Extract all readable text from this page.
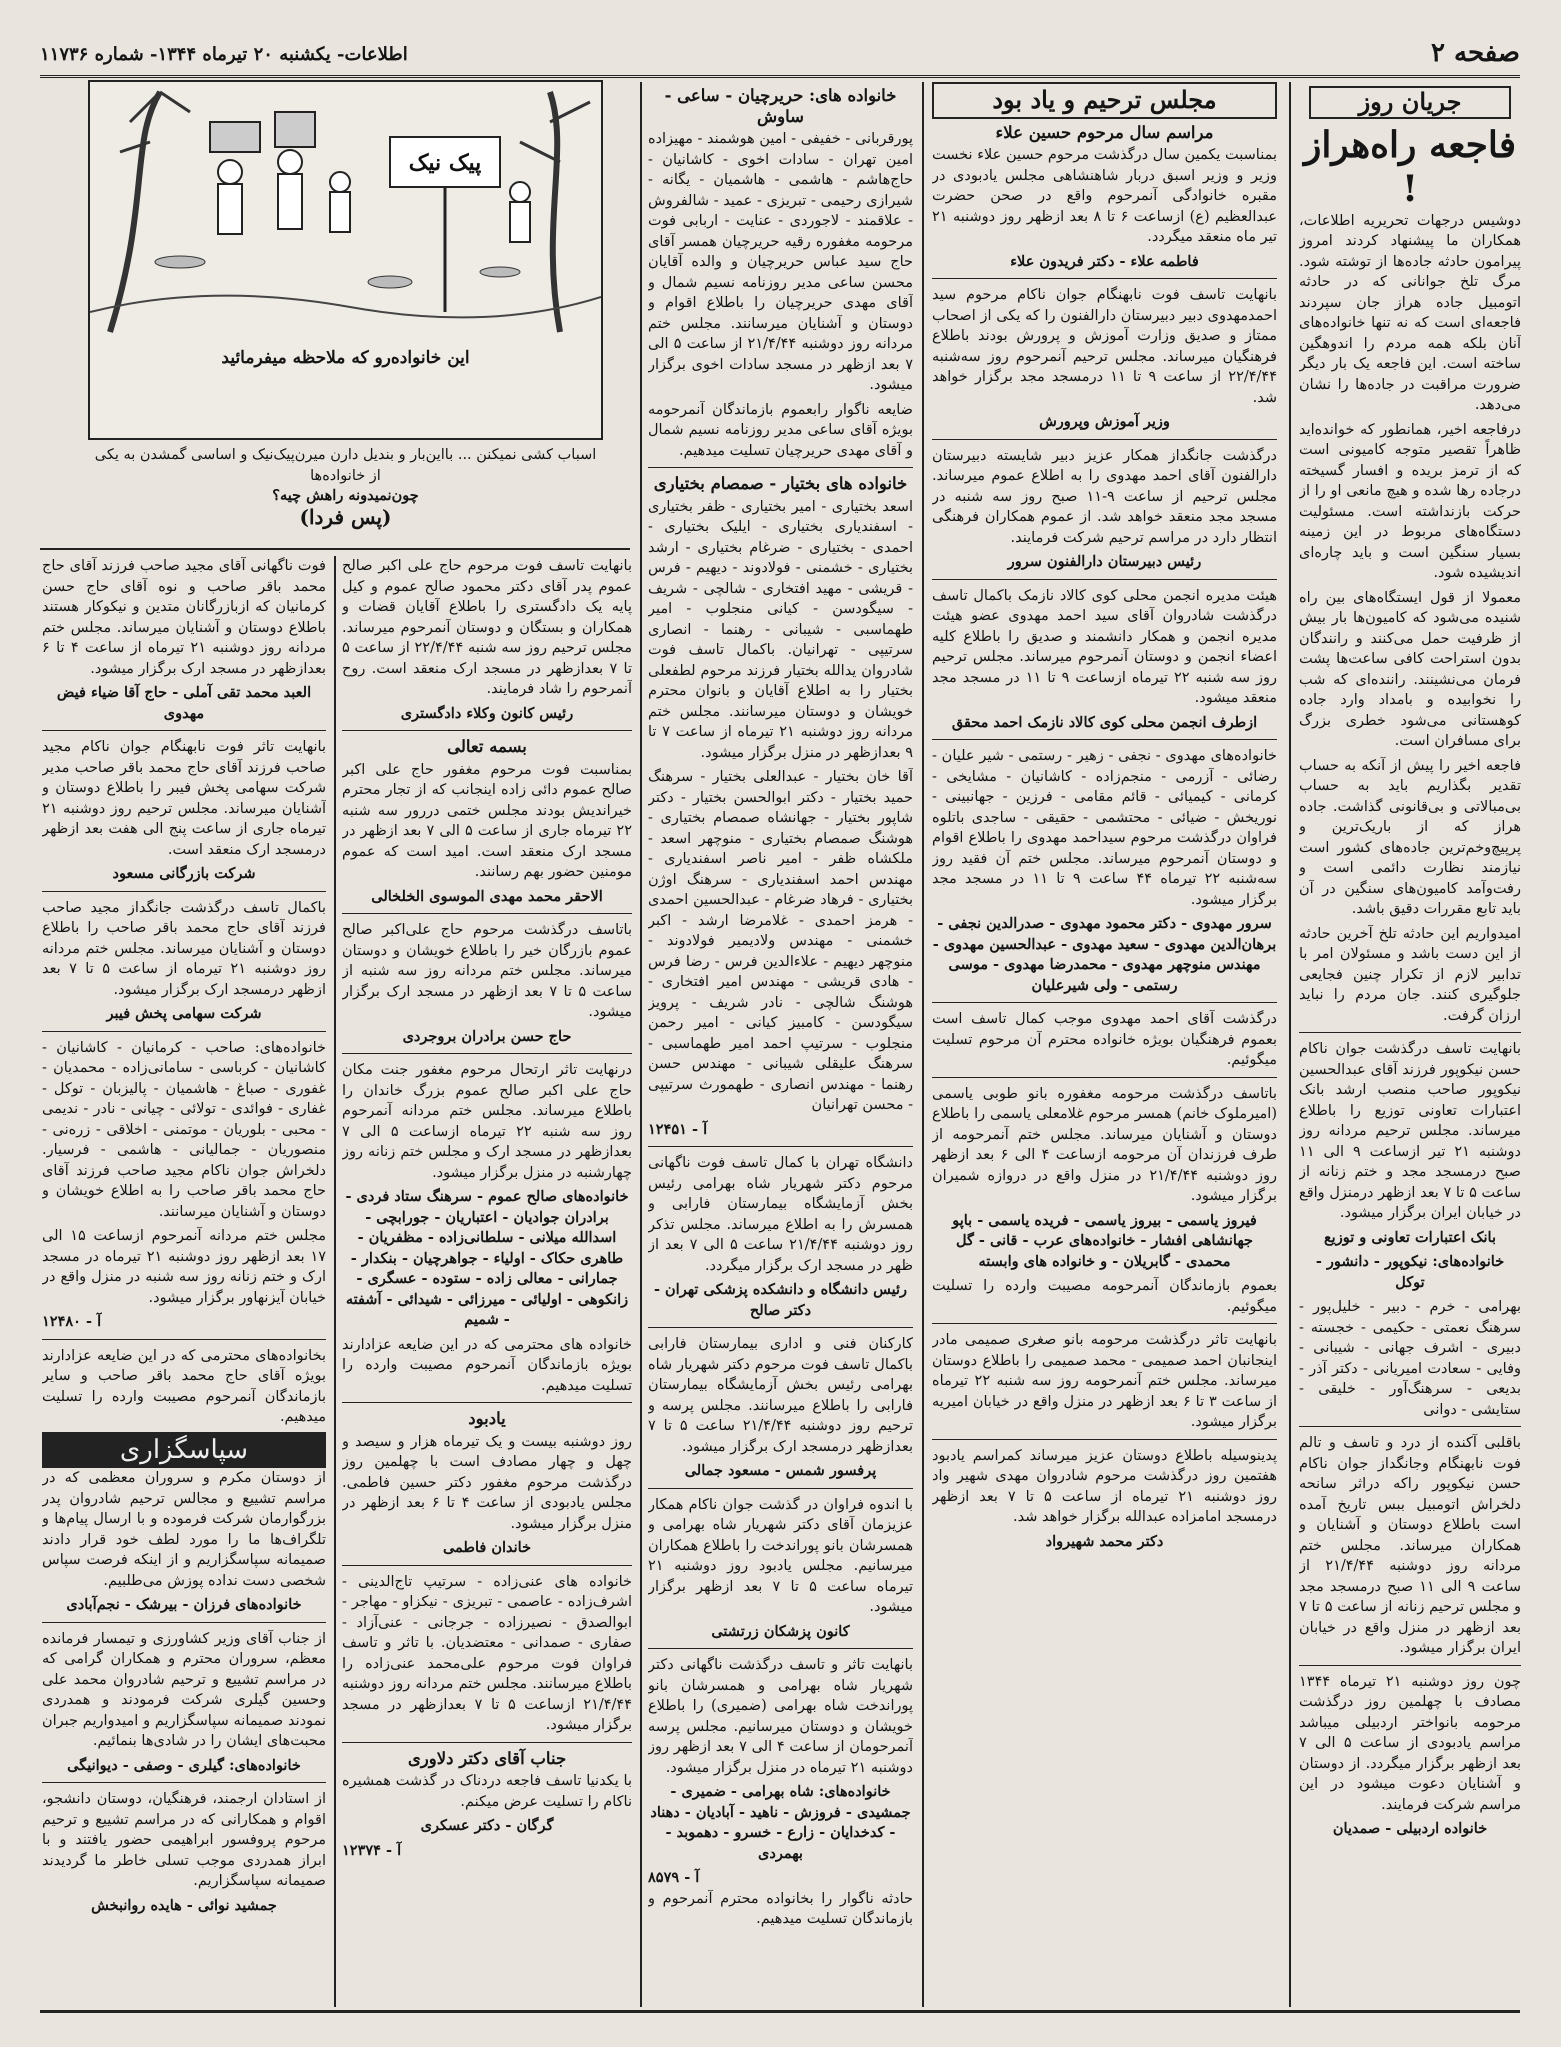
صفحه ۲
اطلاعات- یکشنبه ۲۰ تیرماه ۱۳۴۴- شماره ۱۱۷۳۶
جریان روز
فاجعه راه‌هراز !

دوشیس درجهات تحریریه اطلاعات، همکاران ما پیشنهاد کردند امروز پیرامون حادثه جاده‌ها از توشته شود. مرگ تلخ جوانانی که در حادثه اتومبیل جاده هراز جان سپردند فاجعه‌ای است که نه تنها خانواده‌های آنان بلکه همه مردم را اندوهگین ساخته است. این فاجعه یک بار دیگر ضرورت مراقبت در جاده‌ها را نشان می‌دهد.

درفاجعه اخیر، همانطور که خوانده‌اید ظاهراً تقصیر متوجه کامیونی است که از ترمز بریده و افسار گسیخته درجاده رها شده و هیچ مانعی او را از حرکت بازنداشته است. مسئولیت دستگاه‌های مربوط در این زمینه بسیار سنگین است و باید چاره‌ای اندیشیده شود.

معمولا از قول ایستگاه‌های بین راه شنیده می‌شود که کامیون‌ها بار بیش از ظرفیت حمل می‌کنند و رانندگان بدون استراحت کافی ساعت‌ها پشت فرمان می‌نشینند. راننده‌ای که شب را نخوابیده و بامداد وارد جاده کوهستانی می‌شود خطری بزرگ برای مسافران است.

فاجعه اخیر را پیش از آنکه به حساب تقدیر بگذاریم باید به حساب بی‌مبالاتی و بی‌قانونی گذاشت. جاده هراز که از باریک‌ترین و پرپیچ‌وخم‌ترین جاده‌های کشور است نیازمند نظارت دائمی است و رفت‌وآمد کامیون‌های سنگین در آن باید تابع مقررات دقیق باشد.

امیدواریم این حادثه تلخ آخرین حادثه از این دست باشد و مسئولان امر با تدابیر لازم از تکرار چنین فجایعی جلوگیری کنند. جان مردم را نباید ارزان گرفت.

بانهایت تاسف درگذشت جوان ناکام حسن نیکوپور فرزند آقای عبدالحسین نیکوپور صاحب منصب ارشد بانک اعتبارات تعاونی توزیع را باطلاع میرساند. مجلس ترحیم مردانه روز دوشنبه ۲۱ تیر ازساعت ۹ الی ۱۱ صبح درمسجد مجد و ختم زنانه از ساعت ۵ تا ۷ بعد ازظهر درمنزل واقع در خیابان ایران برگزار میشود.

بانک اعتبارات تعاونی و توزیع
خانواده‌های: نیکوپور - دانشور - توکل

بهرامی - خرم - دبیر - خلیل‌پور - سرهنگ نعمتی - حکیمی - خجسته - دبیری - اشرف جهانی - شیبانی - وفایی - سعادت امیریانی - دکتر آذر - بدیعی - سرهنگ‌آور - خلیقی - ستایشی - دوانی

باقلبی آکنده از درد و تاسف و تالم فوت نابهنگام وجانگداز جوان ناکام حسن نیکوپور راکه دراثر سانحه دلخراش اتومبیل ببس تاریخ آمده است باطلاع دوستان و آشنایان و همکاران میرساند. مجلس ختم مردانه روز دوشنبه ۲۱/۴/۴۴ از ساعت ۹ الی ۱۱ صبح درمسجد مجد و مجلس ترحیم زنانه از ساعت ۵ تا ۷ بعد ازظهر در منزل واقع در خیابان ایران برگزار میشود.

چون روز دوشنبه ۲۱ تیرماه ۱۳۴۴ مصادف با چهلمین روز درگذشت مرحومه بانواختر اردبیلی میباشد مراسم یادبودی از ساعت ۵ الی ۷ بعد ازظهر برگزار میگردد. از دوستان و آشنایان دعوت میشود در این مراسم شرکت فرمایند.

خانواده اردبیلی - صمدیان
مجلس ترحیم و یاد بود
مراسم سال مرحوم حسین علاء

بمناسبت یکمین سال درگذشت مرحوم حسین علاء نخست وزیر و وزیر اسبق دربار شاهنشاهی مجلس یادبودی در مقبره خانوادگی آنمرحوم واقع در صحن حضرت عبدالعظیم (ع) ازساعت ۶ تا ۸ بعد ازظهر روز دوشنبه ۲۱ تیر ماه منعقد میگردد.

فاطمه علاء - دکتر فریدون علاء

بانهایت تاسف فوت نابهنگام جوان ناکام مرحوم سید احمدمهدوی دبیر دبیرستان دارالفنون را که یکی از اصحاب ممتاز و صدیق وزارت آموزش و پرورش بودند باطلاع فرهنگیان میرساند. مجلس ترحیم آنمرحوم روز سه‌شنبه ۲۲/۴/۴۴ از ساعت ۹ تا ۱۱ درمسجد مجد برگزار خواهد شد.

وزیر آموزش وپرورش

درگذشت جانگداز همکار عزیز دبیر شایسته دبیرستان دارالفنون آقای احمد مهدوی را به اطلاع عموم میرساند. مجلس ترحیم از ساعت ۹-۱۱ صبح روز سه شنبه در مسجد مجد منعقد خواهد شد. از عموم همکاران فرهنگی انتظار دارد در مراسم ترحیم شرکت فرمایند.

رئیس دبیرستان دارالفنون سرور

هیئت مدیره انجمن محلی کوی کالاد نازمک باکمال تاسف درگذشت شادروان آقای سید احمد مهدوی عضو هیئت مدیره انجمن و همکار دانشمند و صدیق را باطلاع کلیه اعضاء انجمن و دوستان آنمرحوم میرساند. مجلس ترحیم روز سه شنبه ۲۲ تیرماه ازساعت ۹ تا ۱۱ در مسجد مجد منعقد میشود.

ازطرف انجمن محلی کوی کالاد نازمک احمد محقق

خانواده‌های مهدوی - نجفی - زهیر - رستمی - شیر علیان - رضائی - آزرمی - منجم‌زاده - کاشانیان - مشایخی - کرمانی - کیمیائی - قائم مقامی - فرزین - جهانبینی - نوریخش - ضیائی - محتشمی - حقیقی - ساجدی باتلوه فراوان درگذشت مرحوم سیداحمد مهدوی را باطلاع اقوام و دوستان آنمرحوم میرساند. مجلس ختم آن فقید روز سه‌شنبه ۲۲ تیرماه ۴۴ ساعت ۹ تا ۱۱ در مسجد مجد برگزار میشود.

سرور مهدوی - دکتر محمود مهدوی - صدرالدین نجفی - برهان‌الدین مهدوی - سعید مهدوی - عبدالحسین مهدوی - مهندس منوچهر مهدوی - محمدرضا مهدوی - موسی رستمی - ولی شیرعلیان

درگذشت آقای احمد مهدوی موجب کمال تاسف است بعموم فرهنگیان بویژه خانواده محترم آن مرحوم تسلیت میگوئیم.

باتاسف درگذشت مرحومه مغفوره بانو طوبی یاسمی (امیرملوک خانم) همسر مرحوم غلامعلی یاسمی را باطلاع دوستان و آشنایان میرساند. مجلس ختم آنمرحومه از طرف فرزندان آن مرحومه ازساعت ۴ الی ۶ بعد ازظهر روز دوشنبه ۲۱/۴/۴۴ در منزل واقع در دروازه شمیران برگزار میشود.

فیروز یاسمی - بیروز یاسمی - فریده یاسمی - باپو جهانشاهی افشار - خانواده‌های عرب - قانی - گل محمدی - گابریلان - و خانواده های وابسته

بعموم بازماندگان آنمرحومه مصیبت وارده را تسلیت میگوئیم.

بانهایت تاثر درگذشت مرحومه بانو صغری صمیمی مادر اینجانبان احمد صمیمی - محمد صمیمی را باطلاع دوستان میرساند. مجلس ختم آنمرحومه روز سه شنبه ۲۲ تیرماه از ساعت ۳ تا ۶ بعد ازظهر در منزل واقع در خیابان امیریه برگزار میشود.

پدینوسیله باطلاع دوستان عزیز میرساند کمراسم یادبود هفتمین روز درگذشت مرحوم شادروان مهدی شهیر واد روز دوشنبه ۲۱ تیرماه از ساعت ۵ تا ۷ بعد ازظهر درمسجد امامزاده عبدالله برگزار خواهد شد.

دکتر محمد شهیرواد
خانواده های: حریرچیان - ساعی - ساوش

پورقربانی - خفیفی - امین هوشمند - مهیزاده امین تهران - سادات اخوی - کاشانیان - حاج‌هاشم - هاشمی - هاشمیان - یگانه - شیرازی رحیمی - تبریزی - عمید - شالفروش - علاقمند - لاجوردی - عنایت - اربابی فوت مرحومه مغفوره رقیه حریرچیان همسر آقای حاج سید عباس حریرچیان و والده آقایان محسن ساعی مدیر روزنامه نسیم شمال و آقای مهدی حریرچیان را باطلاع اقوام و دوستان و آشنایان میرسانند. مجلس ختم مردانه روز دوشنبه ۲۱/۴/۴۴ از ساعت ۵ الی ۷ بعد ازظهر در مسجد سادات اخوی برگزار میشود.

ضایعه ناگوار رابعموم بازماندگان آنمرحومه بویژه آقای ساعی مدیر روزنامه نسیم شمال و آقای مهدی حریرچیان تسلیت میدهیم.

خانواده های بختیار - صمصام بختیاری

اسعد بختیاری - امیر بختیاری - ظفر بختیاری - اسفندیاری بختیاری - ایلیک بختیاری - احمدی - بختیاری - ضرغام بختیاری - ارشد بختیاری - خشمنی - فولادوند - دیهیم - فرس - قریشی - مهید افتخاری - شالچی - شریف - سیگودسن - کیانی منجلوب - امیر طهماسبی - شیبانی - رهنما - انصاری سرتیپی - تهرانیان. باکمال تاسف فوت شادروان یدالله بختیار فرزند مرحوم لطفعلی بختیار را به اطلاع آقایان و بانوان محترم خویشان و دوستان میرسانند. مجلس ختم مردانه روز دوشنبه ۲۱ تیرماه از ساعت ۷ تا ۹ بعدازظهر در منزل برگزار میشود.

آقا خان بختیار - عبدالعلی بختیار - سرهنگ حمید بختیار - دکتر ابوالحسن بختیار - دکتر شاپور بختیار - جهانشاه صمصام بختیاری - هوشنگ صمصام بختیاری - منوچهر اسعد - ملکشاه ظفر - امیر ناصر اسفندیاری - مهندس احمد اسفندیاری - سرهنگ اوژن بختیاری - فرهاد ضرغام - عبدالحسین احمدی - هرمز احمدی - غلامرضا ارشد - اکبر خشمنی - مهندس ولادیمیر فولادوند - منوچهر دیهیم - علاءالدین فرس - رضا فرس - هادی قریشی - مهندس امیر افتخاری - هوشنگ شالچی - نادر شریف - پرویز سیگودسن - کامبیز کیانی - امیر رحمن منجلوب - سرتیپ احمد امیر طهماسبی - سرهنگ علیقلی شیبانی - مهندس حسن رهنما - مهندس انصاری - طهمورث سرتیپی - محسن تهرانیان

آ - ۱۲۴۵۱

دانشگاه تهران با کمال تاسف فوت ناگهانی مرحوم دکتر شهریار شاه بهرامی رئیس بخش آزمایشگاه بیمارستان فارابی و همسرش را به اطلاع میرساند. مجلس تذکر روز دوشنبه ۲۱/۴/۴۴ ساعت ۵ الی ۷ بعد از ظهر در مسجد ارک برگزار میگردد.

رئیس دانشگاه و دانشکده پزشکی تهران - دکتر صالح

کارکنان فنی و اداری بیمارستان فارابی باکمال تاسف فوت مرحوم دکتر شهریار شاه بهرامی رئیس بخش آزمایشگاه بیمارستان فارابی را باطلاع میرسانند. مجلس پرسه و ترحیم روز دوشنبه ۲۱/۴/۴۴ ساعت ۵ تا ۷ بعدازظهر درمسجد ارک برگزار میشود.

پرفسور شمس - مسعود جمالی

با اندوه فراوان در گذشت جوان ناکام همکار عزیزمان آقای دکتر شهریار شاه بهرامی و همسرشان بانو پوراندخت را باطلاع همکاران میرسانیم. مجلس یادبود روز دوشنبه ۲۱ تیرماه ساعت ۵ تا ۷ بعد ازظهر برگزار میشود.

کانون پزشکان زرتشتی

بانهایت تاثر و تاسف درگذشت ناگهانی دکتر شهریار شاه بهرامی و همسرشان بانو پوراندخت شاه بهرامی (ضمیری) را باطلاع خویشان و دوستان میرسانیم. مجلس پرسه آنمرحومان از ساعت ۴ الی ۷ بعد ازظهر روز دوشنبه ۲۱ تیرماه در منزل برگزار میشود.

خانواده‌های: شاه بهرامی - ضمیری - جمشیدی - فروزش - ناهید - آبادیان - دهناد - کدخدایان - زارع - خسرو - دهموبد - بهمردی
آ - ۸۵۷۹

حادثه ناگوار را بخانواده محترم آنمرحوم و بازماندگان تسلیت میدهیم.

پیک نیک
این خانواده‌رو که ملاحظه میفرمائید
اسباب کشی نمیکنن ... بااین‌بار و بندیل دارن میرن‌پیک‌نیک و اساسی گمشدن به یکی از خانواده‌ها
چون‌نمیدونه راهش چیه؟
(پس فردا)

بانهایت تاسف فوت مرحوم حاج علی اکبر صالح عموم پدر آقای دکتر محمود صالح عموم و کیل پایه یک دادگستری را باطلاع آقایان قضات و همکاران و بستگان و دوستان آنمرحوم میرساند. مجلس ترحیم روز سه شنبه ۲۲/۴/۴۴ از ساعت ۵ تا ۷ بعدازظهر در مسجد ارک منعقد است. روح آنمرحوم را شاد فرمایند.

رئیس کانون وکلاء دادگستری
بسمه تعالی

بمناسبت فوت مرحوم مغفور حاج علی اکبر صالح عموم دائی زاده اینجانب که از تجار محترم خیراندیش بودند مجلس ختمی دررور سه شنبه ۲۲ تیرماه جاری از ساعت ۵ الی ۷ بعد ازظهر در مسجد ارک منعقد است. امید است که عموم مومنین حضور بهم رسانند.

الاحقر محمد مهدی الموسوی الخلخالی

باتاسف درگذشت مرحوم حاج علی‌اکبر صالح عموم بازرگان خیر را باطلاع خویشان و دوستان میرساند. مجلس ختم مردانه روز سه شنبه از ساعت ۵ تا ۷ بعد ازظهر در مسجد ارک برگزار میشود.

حاج حسن برادران بروجردی

درنهایت تاثر ارتحال مرحوم مغفور جنت مکان حاج علی اکبر صالح عموم بزرگ خاندان را باطلاع میرساند. مجلس ختم مردانه آنمرحوم روز سه شنبه ۲۲ تیرماه ازساعت ۵ الی ۷ بعدازظهر در مسجد ارک و مجلس ختم زنانه روز چهارشنبه در منزل برگزار میشود.

خانواده‌های صالح عموم - سرهنگ ستاد فردی - برادران جوادیان - اعتباریان - جورابچی - اسدالله میلانی - سلطانی‌زاده - مظفریان - طاهری حکاک - اولیاء - جواهرچیان - بنکدار - جمارانی - معالی زاده - ستوده - عسگری - زانکوهی - اولیائی - میرزائی - شیدائی - آشفته - شمیم

خانواده های محترمی که در این ضایعه عزادارند بویژه بازماندگان آنمرحوم مصیبت وارده را تسلیت میدهیم.

یادبود

روز دوشنبه بیست و یک تیرماه هزار و سیصد و چهل و چهار مصادف است با چهلمین روز درگذشت مرحوم مغفور دکتر حسین فاطمی. مجلس یادبودی از ساعت ۴ تا ۶ بعد ازظهر در منزل برگزار میشود.

خاندان فاطمی

خانواده های عنی‌زاده - سرتیپ تاج‌الدینی - اشرف‌زاده - عاصمی - تبریزی - نیکزاو - مهاجر - ابوالصدق - نصیرزاده - جرجانی - عنی‌آزاد - صفاری - صمدانی - معتضدیان. با تاثر و تاسف فراوان فوت مرحوم علی‌محمد عنی‌زاده را باطلاع میرسانند. مجلس ختم مردانه روز دوشنبه ۲۱/۴/۴۴ ازساعت ۵ تا ۷ بعدازظهر در مسجد برگزار میشود.

جناب آقای دکتر دلاوری

با یکدنیا تاسف فاجعه دردناک در گذشت همشیره ناکام را تسلیت عرض میکنم.

گرگان - دکتر عسکری
آ - ۱۲۳۷۴

فوت ناگهانی آقای مجید صاحب فرزند آقای حاج محمد باقر صاحب و نوه آقای حاج حسن کرمانیان که ازبازرگانان متدین و نیکوکار هستند باطلاع دوستان و آشنایان میرساند. مجلس ختم مردانه روز دوشنبه ۲۱ تیرماه از ساعت ۴ تا ۶ بعدازظهر در مسجد ارک برگزار میشود.

العبد محمد تقی آملی - حاج آقا ضیاء فیض مهدوی

بانهایت تاثر فوت نابهنگام جوان ناکام مجید صاحب فرزند آقای حاج محمد باقر صاحب مدیر شرکت سهامی پخش فیبر را باطلاع دوستان و آشنایان میرساند. مجلس ترحیم روز دوشنبه ۲۱ تیرماه جاری از ساعت پنج الی هفت بعد ازظهر درمسجد ارک منعقد است.

شرکت بازرگانی مسعود

باکمال تاسف درگذشت جانگداز مجید صاحب فرزند آقای حاج محمد باقر صاحب را باطلاع دوستان و آشنایان میرساند. مجلس ختم مردانه روز دوشنبه ۲۱ تیرماه از ساعت ۵ تا ۷ بعد ازظهر درمسجد ارک برگزار میشود.

شرکت سهامی پخش فیبر

خانواده‌های: صاحب - کرمانیان - کاشانیان - کاشانیان - کرباسی - سامانی‌زاده - محمدیان - غفوری - صباغ - هاشمیان - پالیزبان - توکل - غفاری - فوائدی - تولائی - چیانی - نادر - ندیمی - محبی - بلوریان - موتمنی - اخلاقی - زره‌نی - منصوریان - جمالیانی - هاشمی - فرسیار. دلخراش جوان ناکام مجید صاحب فرزند آقای حاج محمد باقر صاحب را به اطلاع خویشان و دوستان و آشنایان میرسانند.

مجلس ختم مردانه آنمرحوم ازساعت ۱۵ الی ۱۷ بعد ازظهر روز دوشنبه ۲۱ تیرماه در مسجد ارک و ختم زنانه روز سه شنبه در منزل واقع در خیابان آیزنهاور برگزار میشود.

آ - ۱۲۴۸۰

بخانواده‌های محترمی که در این ضایعه عزادارند بویژه آقای حاج محمد باقر صاحب و سایر بازماندگان آنمرحوم مصیبت وارده را تسلیت میدهیم.

سپاسگزاری

از دوستان مکرم و سروران معظمی که در مراسم تشییع و مجالس ترحیم شادروان پدر بزرگوارمان شرکت فرموده و با ارسال پیام‌ها و تلگراف‌ها ما را مورد لطف خود قرار دادند صمیمانه سپاسگزاریم و از اینکه فرصت سپاس شخصی دست نداده پوزش می‌طلبیم.

خانواده‌های فرزان - بیرشک - نجم‌آبادی

از جناب آقای وزیر کشاورزی و تیمسار فرمانده معظم، سروران محترم و همکاران گرامی که در مراسم تشییع و ترحیم شادروان محمد علی وحسین گیلری شرکت فرمودند و همدردی نمودند صمیمانه سپاسگزاریم و امیدواریم جبران محبت‌های ایشان را در شادی‌ها بنمائیم.

خانواده‌های: گیلری - وصفی - دیوانیگی

از استادان ارجمند، فرهنگیان، دوستان دانشجو، اقوام و همکارانی که در مراسم تشییع و ترحیم مرحوم پروفسور ابراهیمی حضور یافتند و با ابراز همدردی موجب تسلی خاطر ما گردیدند صمیمانه سپاسگزاریم.

جمشید نوائی - هایده روانبخش
